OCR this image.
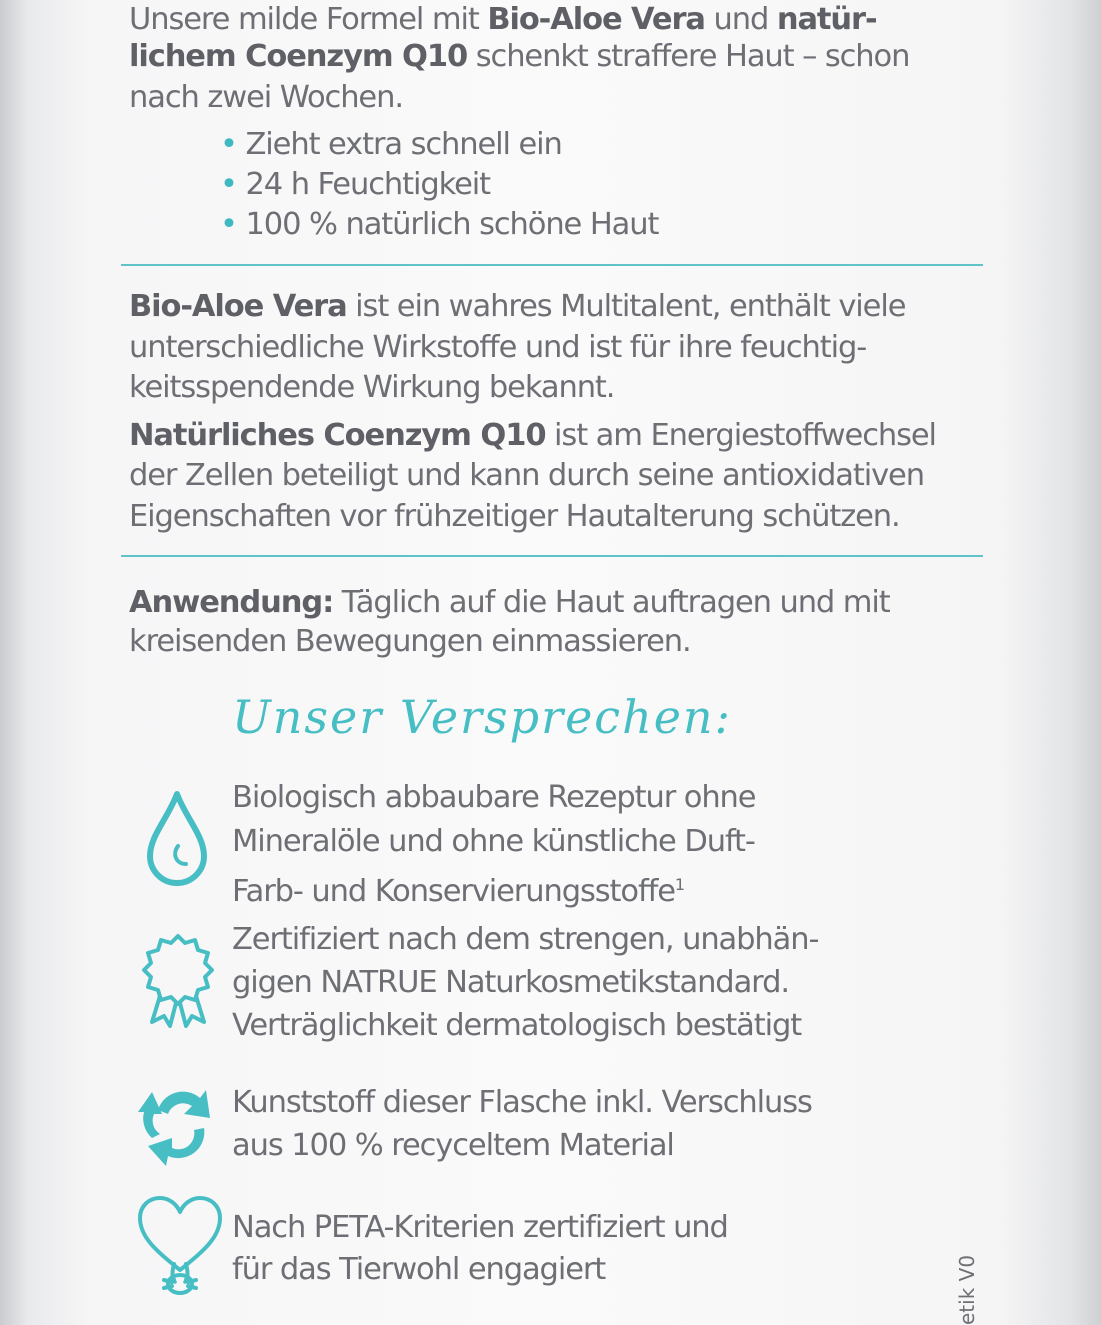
Unsere milde Formel mit Bio-Aloe Vera und natür-

lichem Coenzym Q10 schenkt straffere Haut – schon

nach zwei Wochen.

• Zieht extra schnell ein
• 24 h Feuchtigkeit
• 100 % natürlich schöne Haut

Bio-Aloe Vera ist ein wahres Multitalent, enthält viele

unterschiedliche Wirkstoffe und ist für ihre feuchtig-

keitsspendende Wirkung bekannt.

Natürliches Coenzym Q10 ist am Energiestoffwechsel

der Zellen beteiligt und kann durch seine antioxidativen

Eigenschaften vor frühzeitiger Hautalterung schützen.

Anwendung: Täglich auf die Haut auftragen und mit

kreisenden Bewegungen einmassieren.

Unser Versprechen:

Biologisch abbaubare Rezeptur ohne

Mineralöle und ohne künstliche Duft-

Farb- und Konservierungsstoffe$^1$

Zertifiziert nach dem strengen, unabhän-

gigen NATRUE Naturkosmetikstandard.

Verträglichkeit dermatologisch bestätigt

Kunststoff dieser Flasche inkl. Verschluss

aus 100 % recyceltem Material

Nach PETA-Kriterien zertifiziert und

für das Tierwohl engagiert	etik V0
